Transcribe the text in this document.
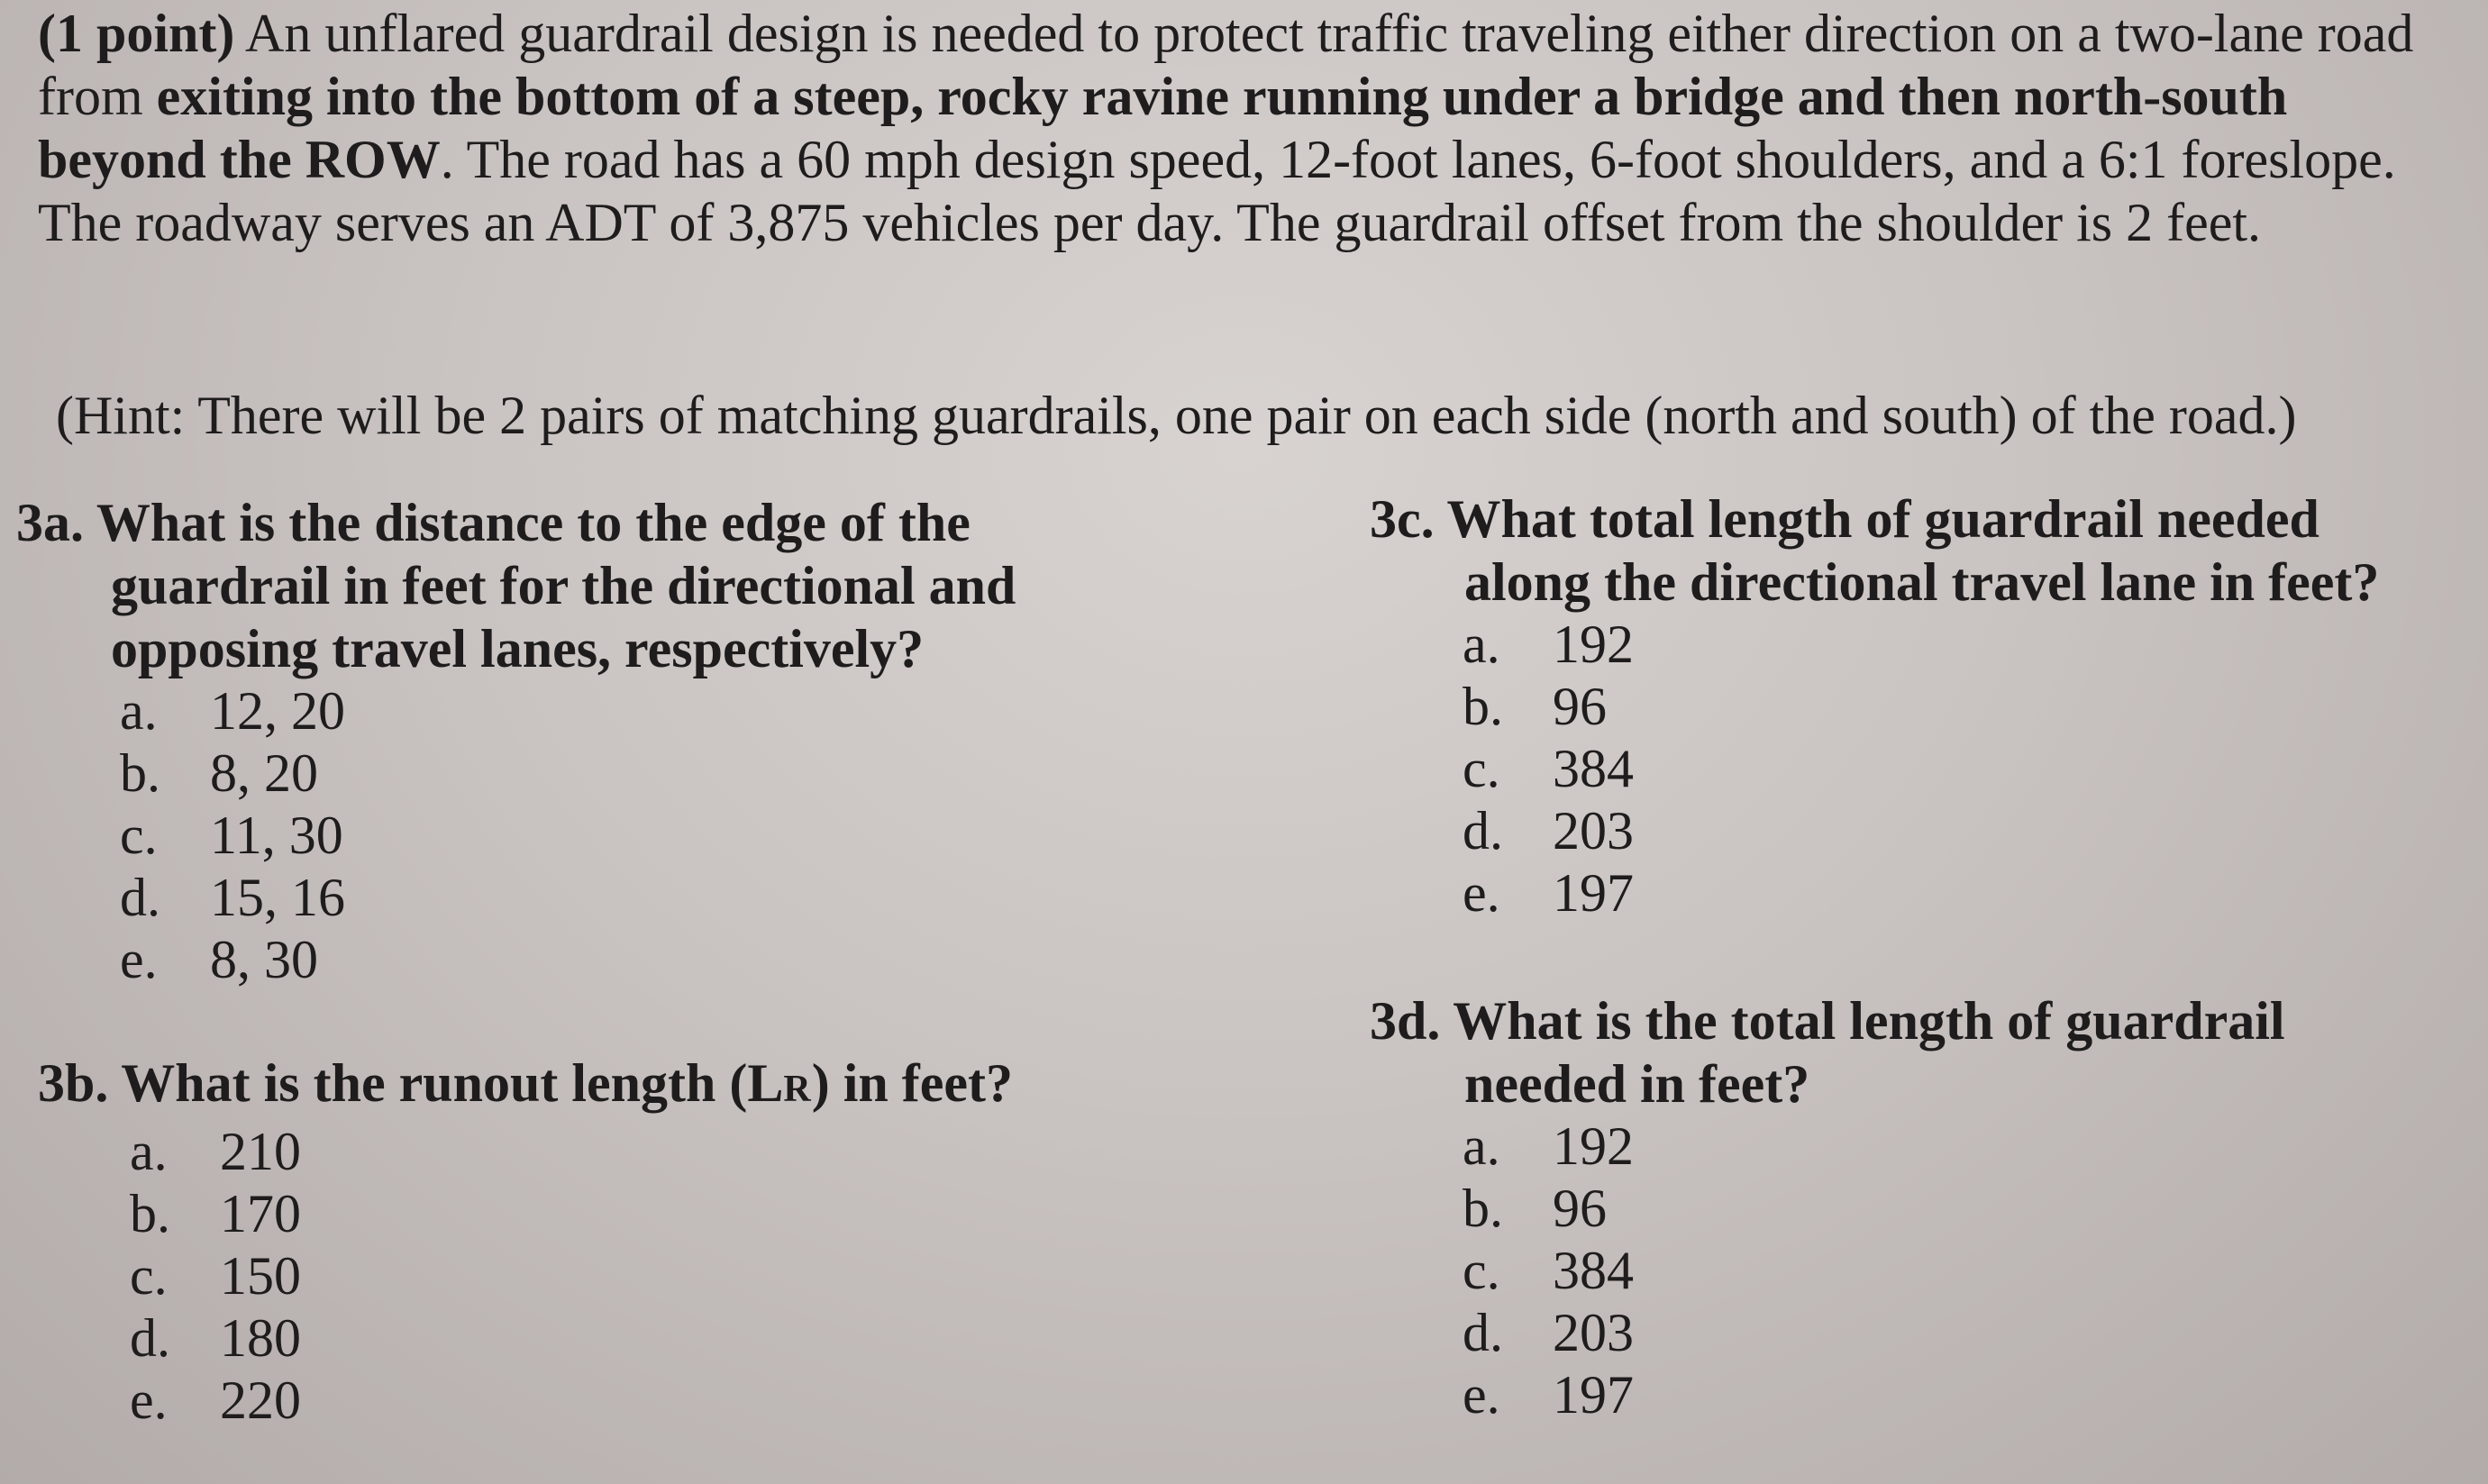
(1 point) An unflared guardrail design is needed to protect traffic traveling either direction on a two-lane road from exiting into the bottom of a steep, rocky ravine running under a bridge and then north-south beyond the ROW. The road has a 60 mph design speed, 12-foot lanes, 6-foot shoulders, and a 6:1 foreslope. The roadway serves an ADT of 3,875 vehicles per day. The guardrail offset from the shoulder is 2 feet.

(Hint: There will be 2 pairs of matching guardrails, one pair on each side (north and south) of the road.)

3a. What is the distance to the edge of the
guardrail in feet for the directional and
opposing travel lanes, respectively?

a. 12, 20
b. 8, 20
c. 11, 30
d. 15, 16
e. 8, 30

3b. What is the runout length (LR) in feet?

a. 210
b. 170
c. 150
d. 180
e. 220

3c. What total length of guardrail needed
along the directional travel lane in feet?

a. 192
b. 96
c. 384
d. 203
e. 197

3d. What is the total length of guardrail
needed in feet?

a. 192
b. 96
c. 384
d. 203
e. 197
